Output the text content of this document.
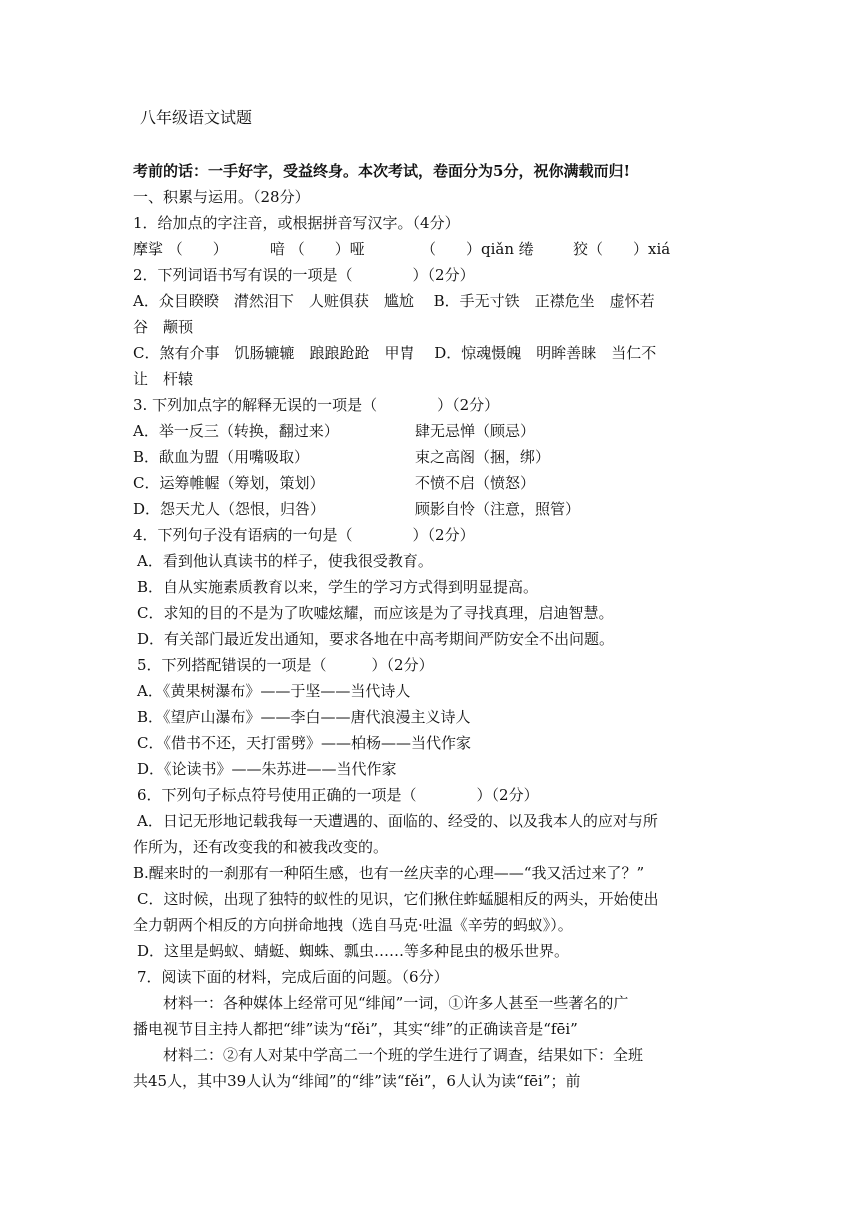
八年级语文试题

考前的话：一手好字，受益终身。本次考试，卷面分为5分，祝你满载而归!

一、积累与运用。（28分）

1．给加点的字注音，或根据拼音写汉字。（4分）

摩挲 （　　）	喑 （　　）哑	（　　）qiǎn 绻	狡（　　）xiá

2．下列词语书写有误的一项是（　　　　）（2分）

A．众目睽睽　潸然泪下　人赃俱获　尴尬　 B．手无寸铁　正襟危坐　虚怀若

谷　颟顸

C．煞有介事　饥肠辘辘　踉踉跄跄　甲胄　 D．惊魂慑魄　明眸善睐　当仁不

让　杆辕

3. 下列加点字的解释无误的一项是（　　　　）（2分）

A．举一反三（转换，翻过来）	肆无忌惮（顾忌）
B．歃血为盟（用嘴吸取）	束之高阁（捆，绑）
C．运筹帷幄（筹划，策划）	不愤不启（愤怒）
D．怨天尤人（怨恨，归咎）	顾影自怜（注意，照管）

4．下列句子没有语病的一句是（　　　　）（2分）

A．看到他认真读书的样子，使我很受教育。

B．自从实施素质教育以来，学生的学习方式得到明显提高。

C．求知的目的不是为了吹嘘炫耀，而应该是为了寻找真理，启迪智慧。

D．有关部门最近发出通知，要求各地在中高考期间严防安全不出问题。

5．下列搭配错误的一项是（　　　）（2分）

A．《黄果树瀑布》——于坚——当代诗人

B．《望庐山瀑布》——李白——唐代浪漫主义诗人

C．《借书不还，天打雷劈》——柏杨——当代作家

D．《论读书》——朱苏进——当代作家

6．下列句子标点符号使用正确的一项是（　　　　）（2分）

A．日记无形地记载我每一天遭遇的、面临的、经受的、以及我本人的应对与所

作所为，还有改变我的和被我改变的。

B.醒来时的一刹那有一种陌生感，也有一丝庆幸的心理——“我又活过来了？”

C．这时候，出现了独特的蚁性的见识，它们揪住蚱蜢腿相反的两头，开始使出

全力朝两个相反的方向拼命地拽（选自马克·吐温《辛劳的蚂蚁》）。

D．这里是蚂蚁、蜻蜓、蜘蛛、瓢虫……等多种昆虫的极乐世界。

7．阅读下面的材料，完成后面的问题。（6分）

　　材料一：各种媒体上经常可见“绯闻”一词，①许多人甚至一些著名的广

播电视节目主持人都把“绯”读为“fěi”，其实“绯”的正确读音是“fēi”

　　材料二：②有人对某中学高二一个班的学生进行了调查，结果如下：全班

共45人，其中39人认为“绯闻”的“绯”读“fěi”，6人认为读“fēi”；前
